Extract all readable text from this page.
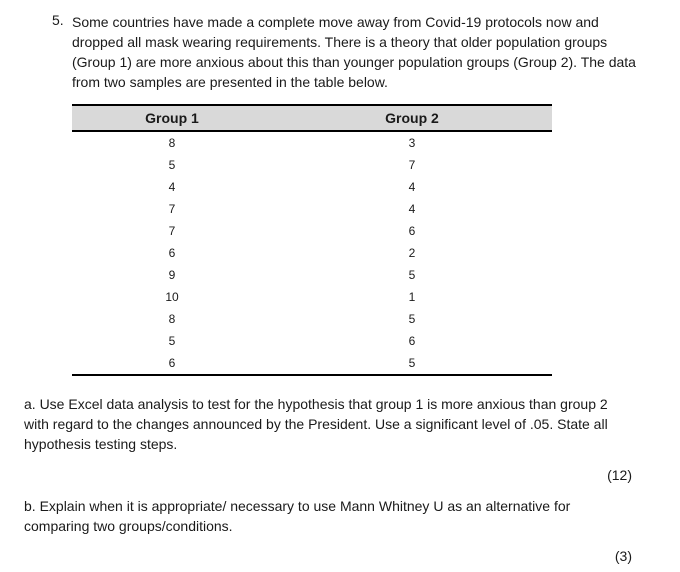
5. Some countries have made a complete move away from Covid-19 protocols now and dropped all mask wearing requirements. There is a theory that older population groups (Group 1) are more anxious about this than younger population groups (Group 2). The data from two samples are presented in the table below.
Group 1	Group 2
8	3
5	7
4	4
7	4
7	6
6	2
9	5
10	1
8	5
5	6
6	5
a. Use Excel data analysis to test for the hypothesis that group 1 is more anxious than group 2 with regard to the changes announced by the President. Use a significant level of .05. State all hypothesis testing steps.
(12)
b. Explain when it is appropriate/ necessary to use Mann Whitney U as an alternative for comparing two groups/conditions.
(3)
